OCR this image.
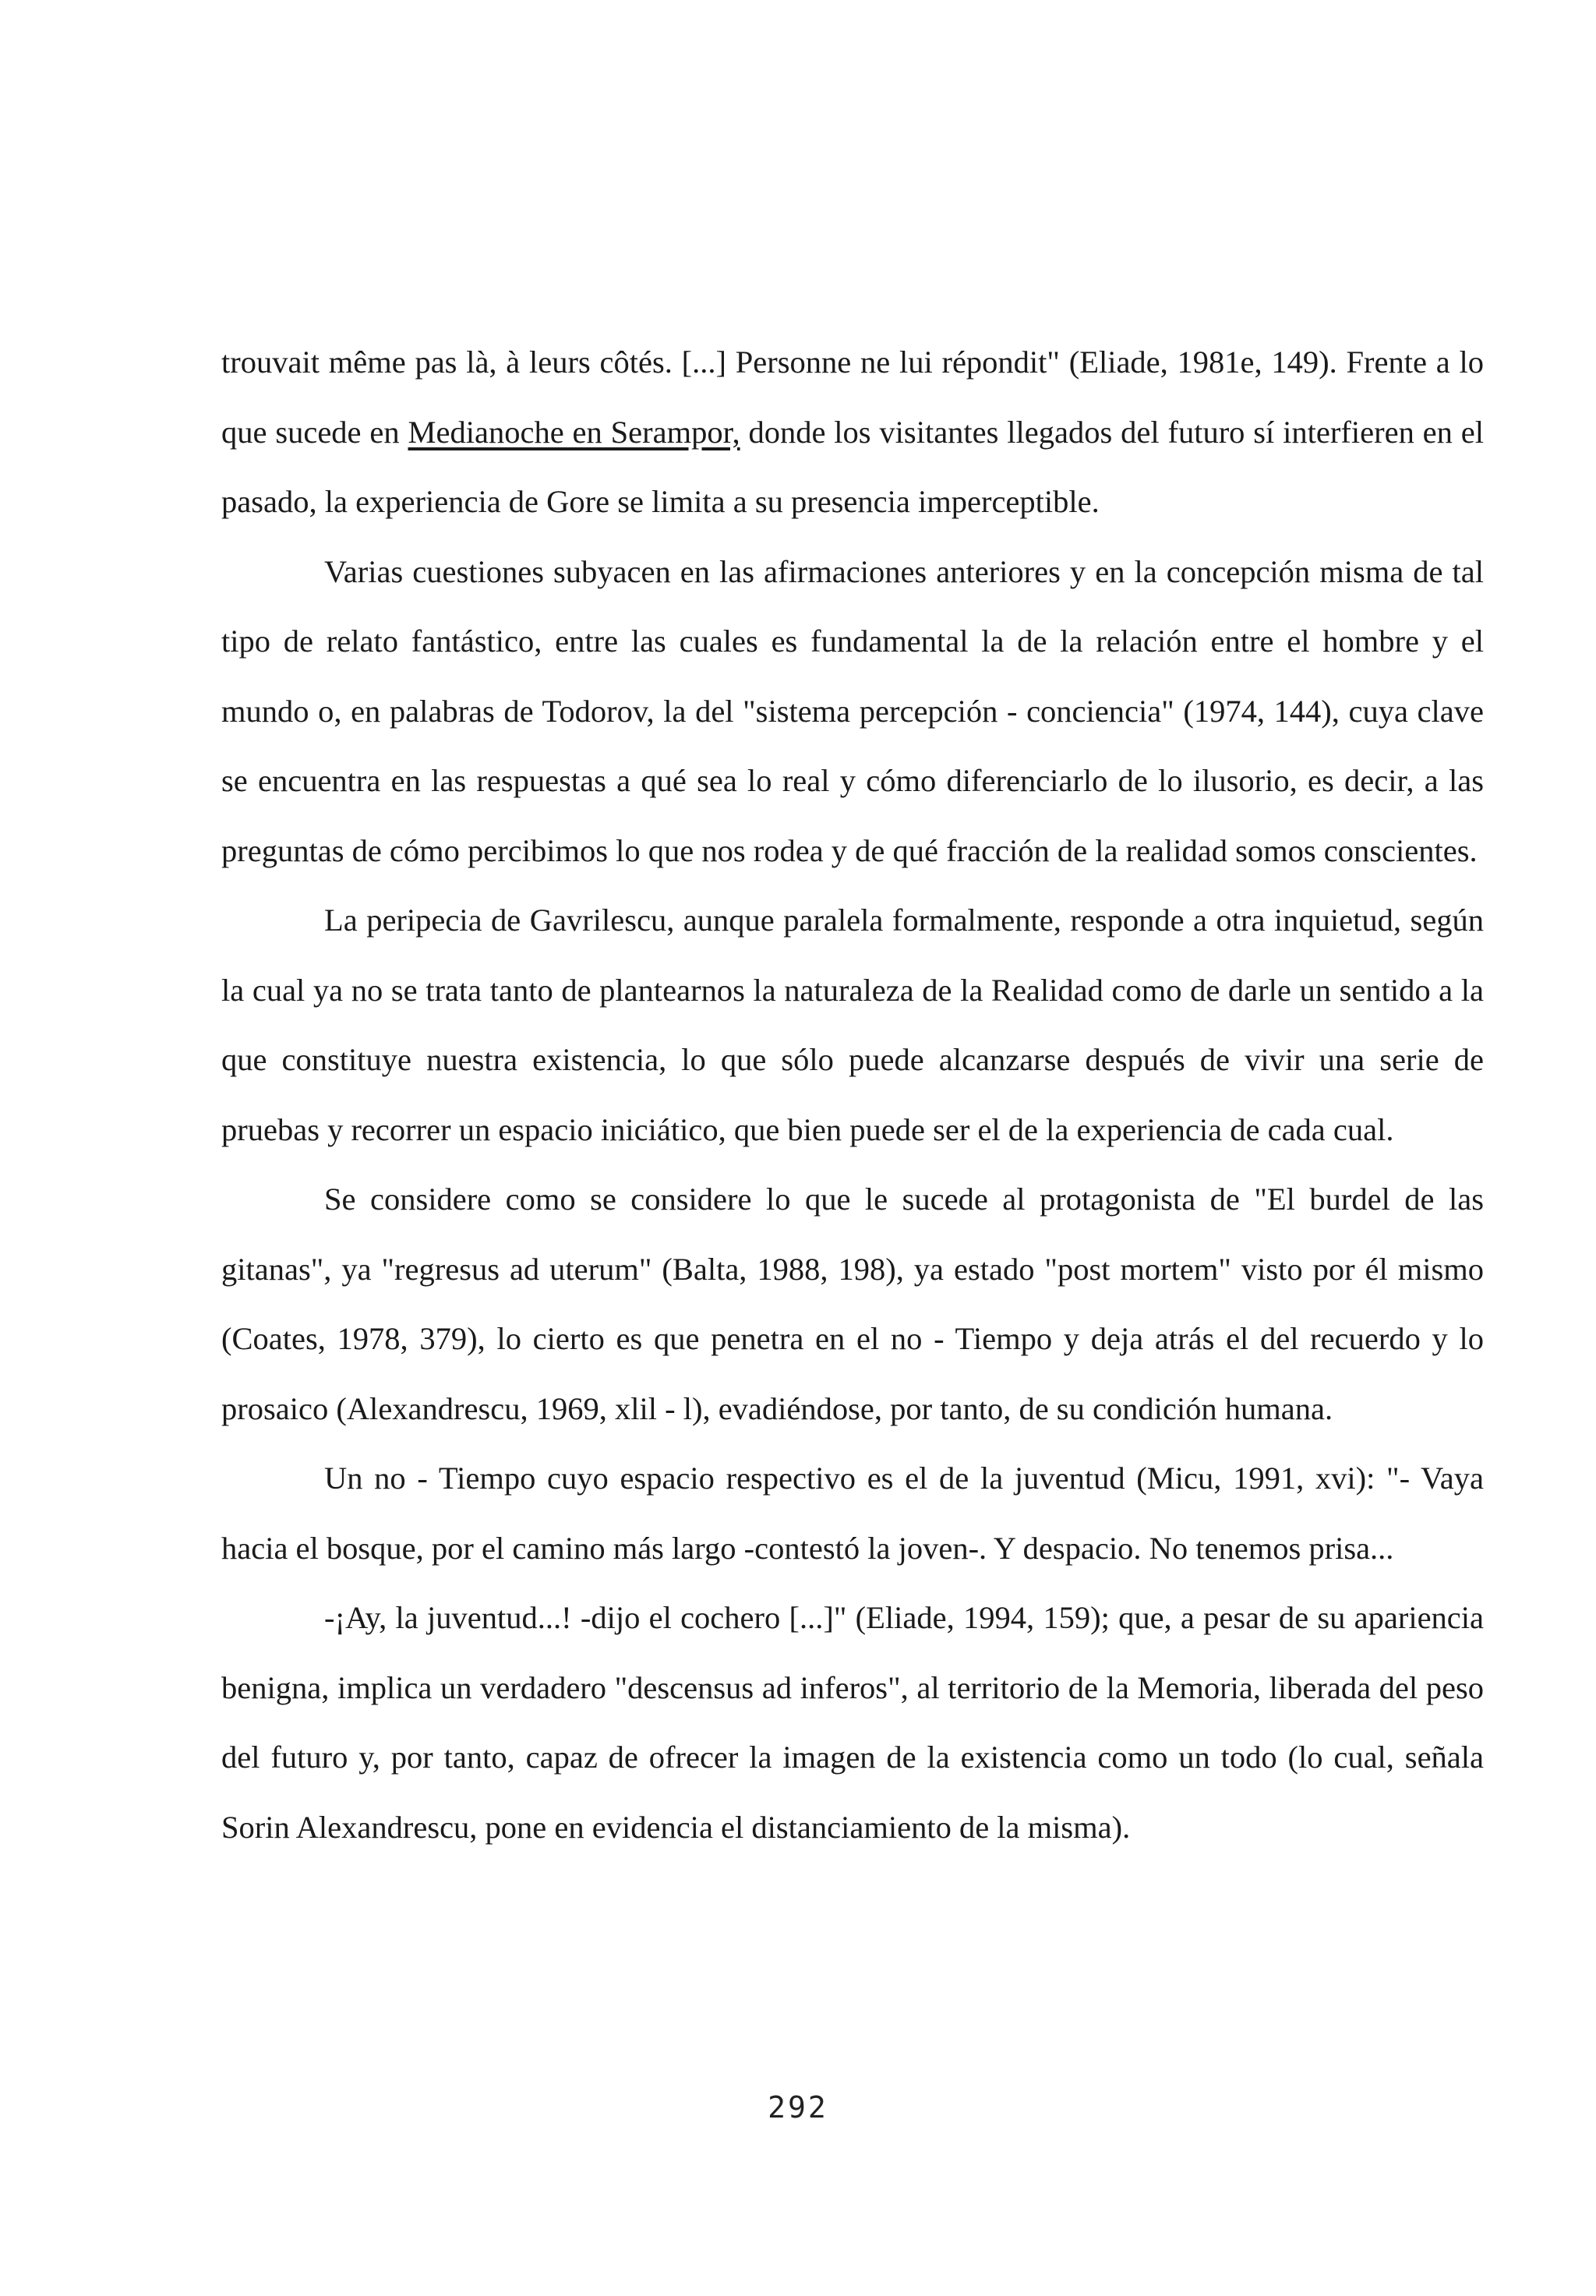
trouvait même pas là, à leurs côtés. [...] Personne ne lui répondit" (Eliade, 1981e, 149). Frente a lo que sucede en Medianoche en Serampor, donde los visitantes llegados del futuro sí interfieren en el pasado, la experiencia de Gore se limita a su presencia imperceptible.

Varias cuestiones subyacen en las afirmaciones anteriores y en la concepción misma de tal tipo de relato fantástico, entre las cuales es fundamental la de la relación entre el hombre y el mundo o, en palabras de Todorov, la del "sistema percepción - conciencia" (1974, 144), cuya clave se encuentra en las respuestas a qué sea lo real y cómo diferenciarlo de lo ilusorio, es decir, a las preguntas de cómo percibimos lo que nos rodea y de qué fracción de la realidad somos conscientes.

La peripecia de Gavrilescu, aunque paralela formalmente, responde a otra inquietud, según la cual ya no se trata tanto de plantearnos la naturaleza de la Realidad como de darle un sentido a la que constituye nuestra existencia, lo que sólo puede alcanzarse después de vivir una serie de pruebas y recorrer un espacio iniciático, que bien puede ser el de la experiencia de cada cual.

Se considere como se considere lo que le sucede al protagonista de "El burdel de las gitanas", ya "regresus ad uterum" (Balta, 1988, 198), ya estado "post mortem" visto por él mismo (Coates, 1978, 379), lo cierto es que penetra en el no - Tiempo y deja atrás el del recuerdo y lo prosaico (Alexandrescu, 1969, xlil - l), evadiéndose, por tanto, de su condición humana.

Un no - Tiempo cuyo espacio respectivo es el de la juventud (Micu, 1991, xvi): "- Vaya hacia el bosque, por el camino más largo -contestó la joven-. Y despacio. No tenemos prisa...

-¡Ay, la juventud...! -dijo el cochero [...]" (Eliade, 1994, 159); que, a pesar de su apariencia benigna, implica un verdadero "descensus ad inferos", al territorio de la Memoria, liberada del peso del futuro y, por tanto, capaz de ofrecer la imagen de la existencia como un todo (lo cual, señala Sorin Alexandrescu, pone en evidencia el distanciamiento de la misma).

292
